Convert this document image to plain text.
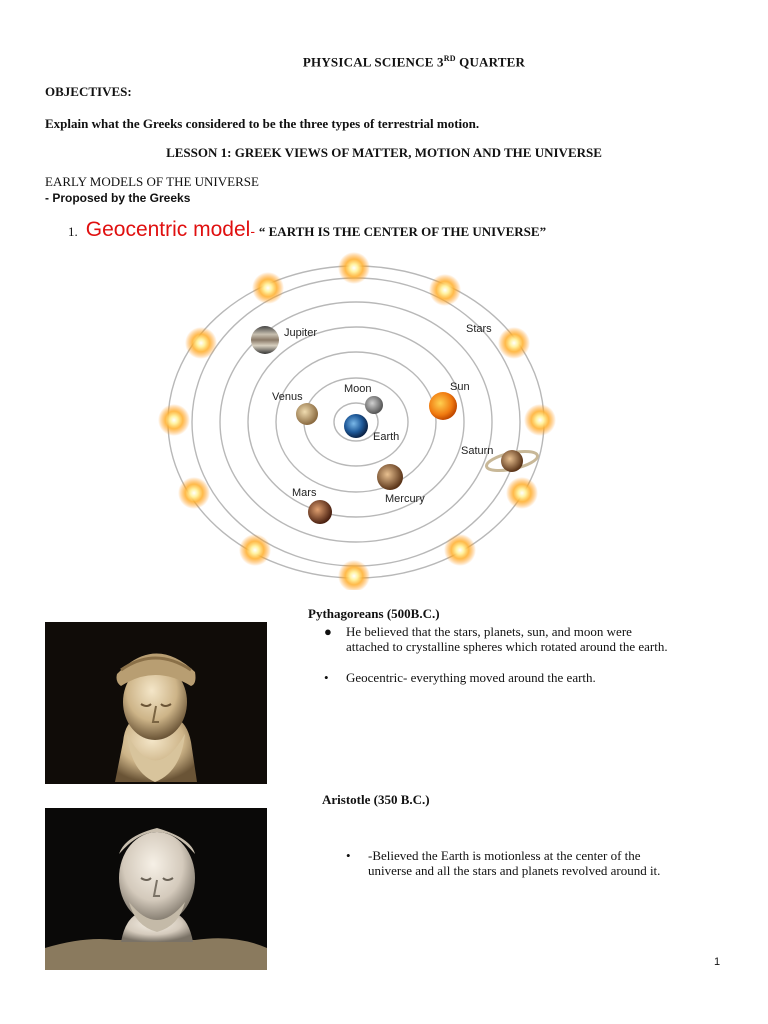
PHYSICAL SCIENCE 3RD QUARTER
OBJECTIVES:
Explain what the Greeks considered to be the three types of terrestrial motion.
LESSON 1: GREEK VIEWS OF MATTER, MOTION AND THE UNIVERSE
EARLY MODELS OF THE UNIVERSE
- Proposed by the Greeks
1. Geocentric model- “ EARTH IS THE CENTER OF THE UNIVERSE”
Jupiter	Stars
Venus
Moon	Sun
Earth
Saturn
Mars	Mercury
Pythagoreans (500B.C.)
● He believed that the stars, planets, sun, and moon were
attached to crystalline spheres which rotated around the earth.
• Geocentric- everything moved around the earth.
Aristotle (350 B.C.)
• -Believed the Earth is motionless at the center of the
universe and all the stars and planets revolved around it.
1
